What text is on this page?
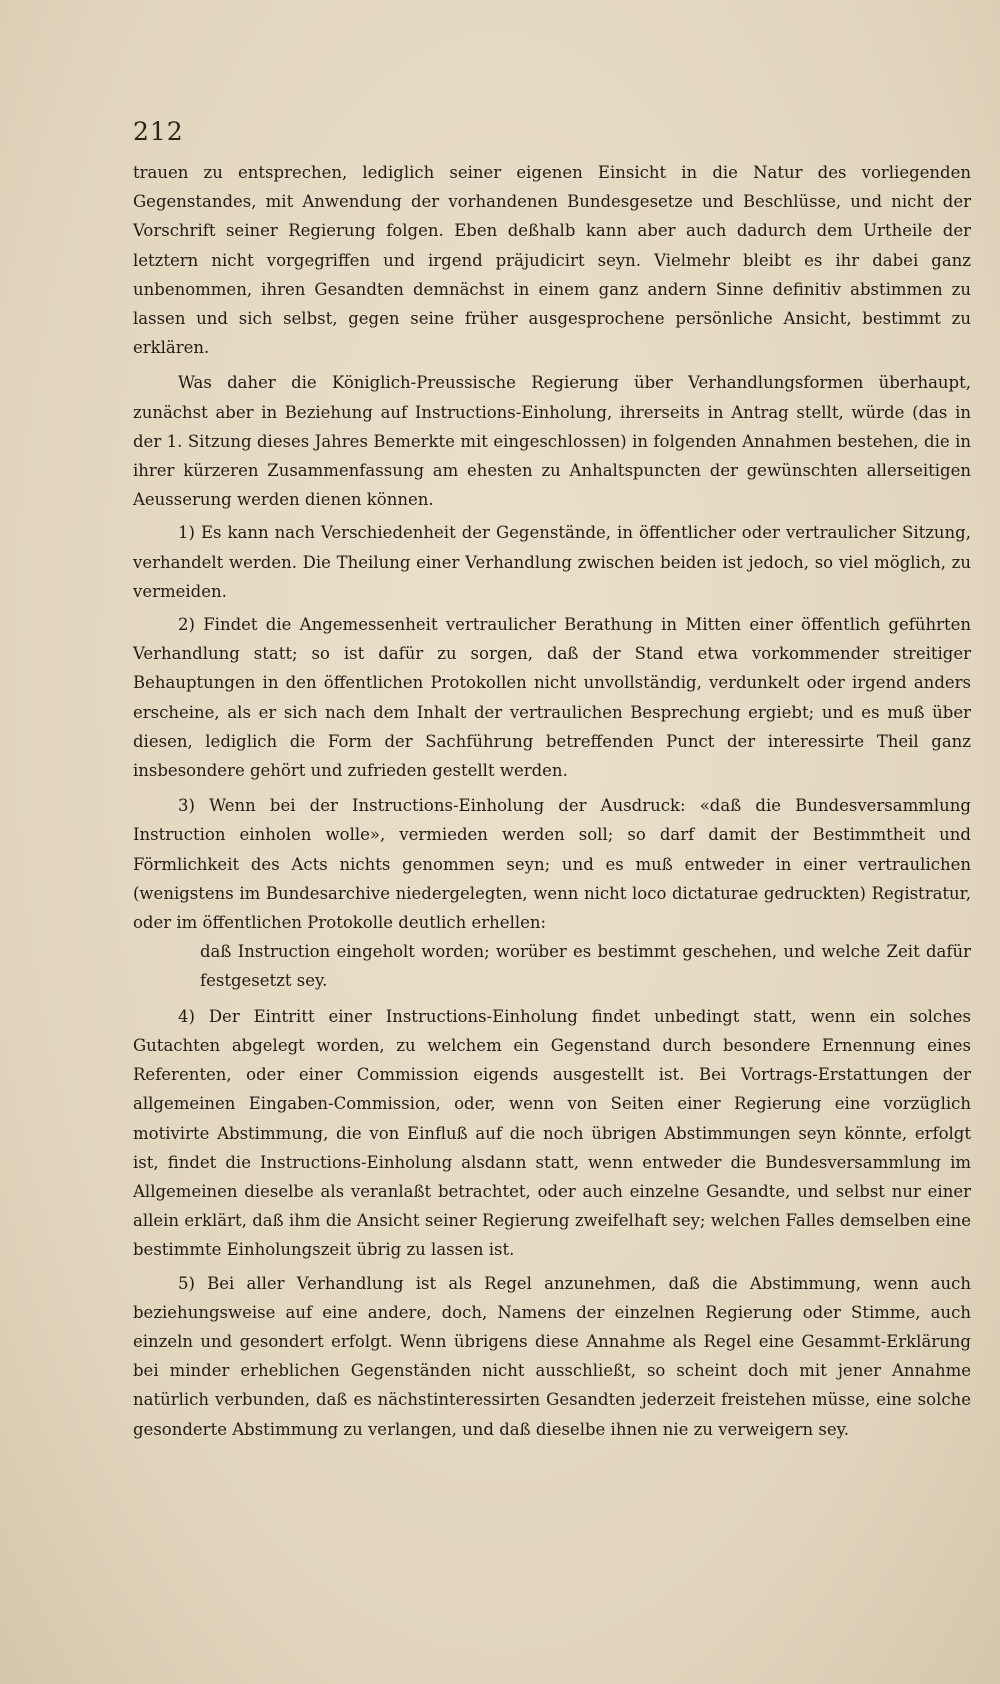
212

trauen zu entsprechen, lediglich seiner eigenen Einsicht in die Natur des vorliegenden Gegenstandes, mit Anwendung der vorhandenen Bundesgesetze und Beschlüsse, und nicht der Vorschrift seiner Regierung folgen. Eben deßhalb kann aber auch dadurch dem Urtheile der letztern nicht vorgegriffen und irgend präjudicirt seyn. Vielmehr bleibt es ihr dabei ganz unbenommen, ihren Gesandten demnächst in einem ganz andern Sinne definitiv abstimmen zu lassen und sich selbst, gegen seine früher ausgesprochene persönliche Ansicht, bestimmt zu erklären.

Was daher die Königlich-Preussische Regierung über Verhandlungsformen überhaupt, zunächst aber in Beziehung auf Instructions-Einholung, ihrerseits in Antrag stellt, würde (das in der 1. Sitzung dieses Jahres Bemerkte mit eingeschlossen) in folgenden Annahmen bestehen, die in ihrer kürzeren Zusammenfassung am ehesten zu Anhaltspuncten der gewünschten allerseitigen Aeusserung werden dienen können.

1) Es kann nach Verschiedenheit der Gegenstände, in öffentlicher oder vertraulicher Sitzung, verhandelt werden. Die Theilung einer Verhandlung zwischen beiden ist jedoch, so viel möglich, zu vermeiden.

2) Findet die Angemessenheit vertraulicher Berathung in Mitten einer öffentlich geführten Verhandlung statt; so ist dafür zu sorgen, daß der Stand etwa vorkommender streitiger Behauptungen in den öffentlichen Protokollen nicht unvollständig, verdunkelt oder irgend anders erscheine, als er sich nach dem Inhalt der vertraulichen Besprechung ergiebt; und es muß über diesen, lediglich die Form der Sachführung betreffenden Punct der interessirte Theil ganz insbesondere gehört und zufrieden gestellt werden.

3) Wenn bei der Instructions-Einholung der Ausdruck: «daß die Bundesversammlung Instruction einholen wolle», vermieden werden soll; so darf damit der Bestimmtheit und Förmlichkeit des Acts nichts genommen seyn; und es muß entweder in einer vertraulichen (wenigstens im Bundesarchive niedergelegten, wenn nicht loco dictaturae gedruckten) Registratur, oder im öffentlichen Protokolle deutlich erhellen:

daß Instruction eingeholt worden; worüber es bestimmt geschehen, und welche Zeit dafür festgesetzt sey.

4) Der Eintritt einer Instructions-Einholung findet unbedingt statt, wenn ein solches Gutachten abgelegt worden, zu welchem ein Gegenstand durch besondere Ernennung eines Referenten, oder einer Commission eigends ausgestellt ist. Bei Vortrags-Erstattungen der allgemeinen Eingaben-Commission, oder, wenn von Seiten einer Regierung eine vorzüglich motivirte Abstimmung, die von Einfluß auf die noch übrigen Abstimmungen seyn könnte, erfolgt ist, findet die Instructions-Einholung alsdann statt, wenn entweder die Bundesversammlung im Allgemeinen dieselbe als veranlaßt betrachtet, oder auch einzelne Gesandte, und selbst nur einer allein erklärt, daß ihm die Ansicht seiner Regierung zweifelhaft sey; welchen Falles demselben eine bestimmte Einholungszeit übrig zu lassen ist.

5) Bei aller Verhandlung ist als Regel anzunehmen, daß die Abstimmung, wenn auch beziehungsweise auf eine andere, doch, Namens der einzelnen Regierung oder Stimme, auch einzeln und gesondert erfolgt. Wenn übrigens diese Annahme als Regel eine Gesammt-Erklärung bei minder erheblichen Gegenständen nicht ausschließt, so scheint doch mit jener Annahme natürlich verbunden, daß es nächstinteressirten Gesandten jederzeit freistehen müsse, eine solche gesonderte Abstimmung zu verlangen, und daß dieselbe ihnen nie zu verweigern sey.
